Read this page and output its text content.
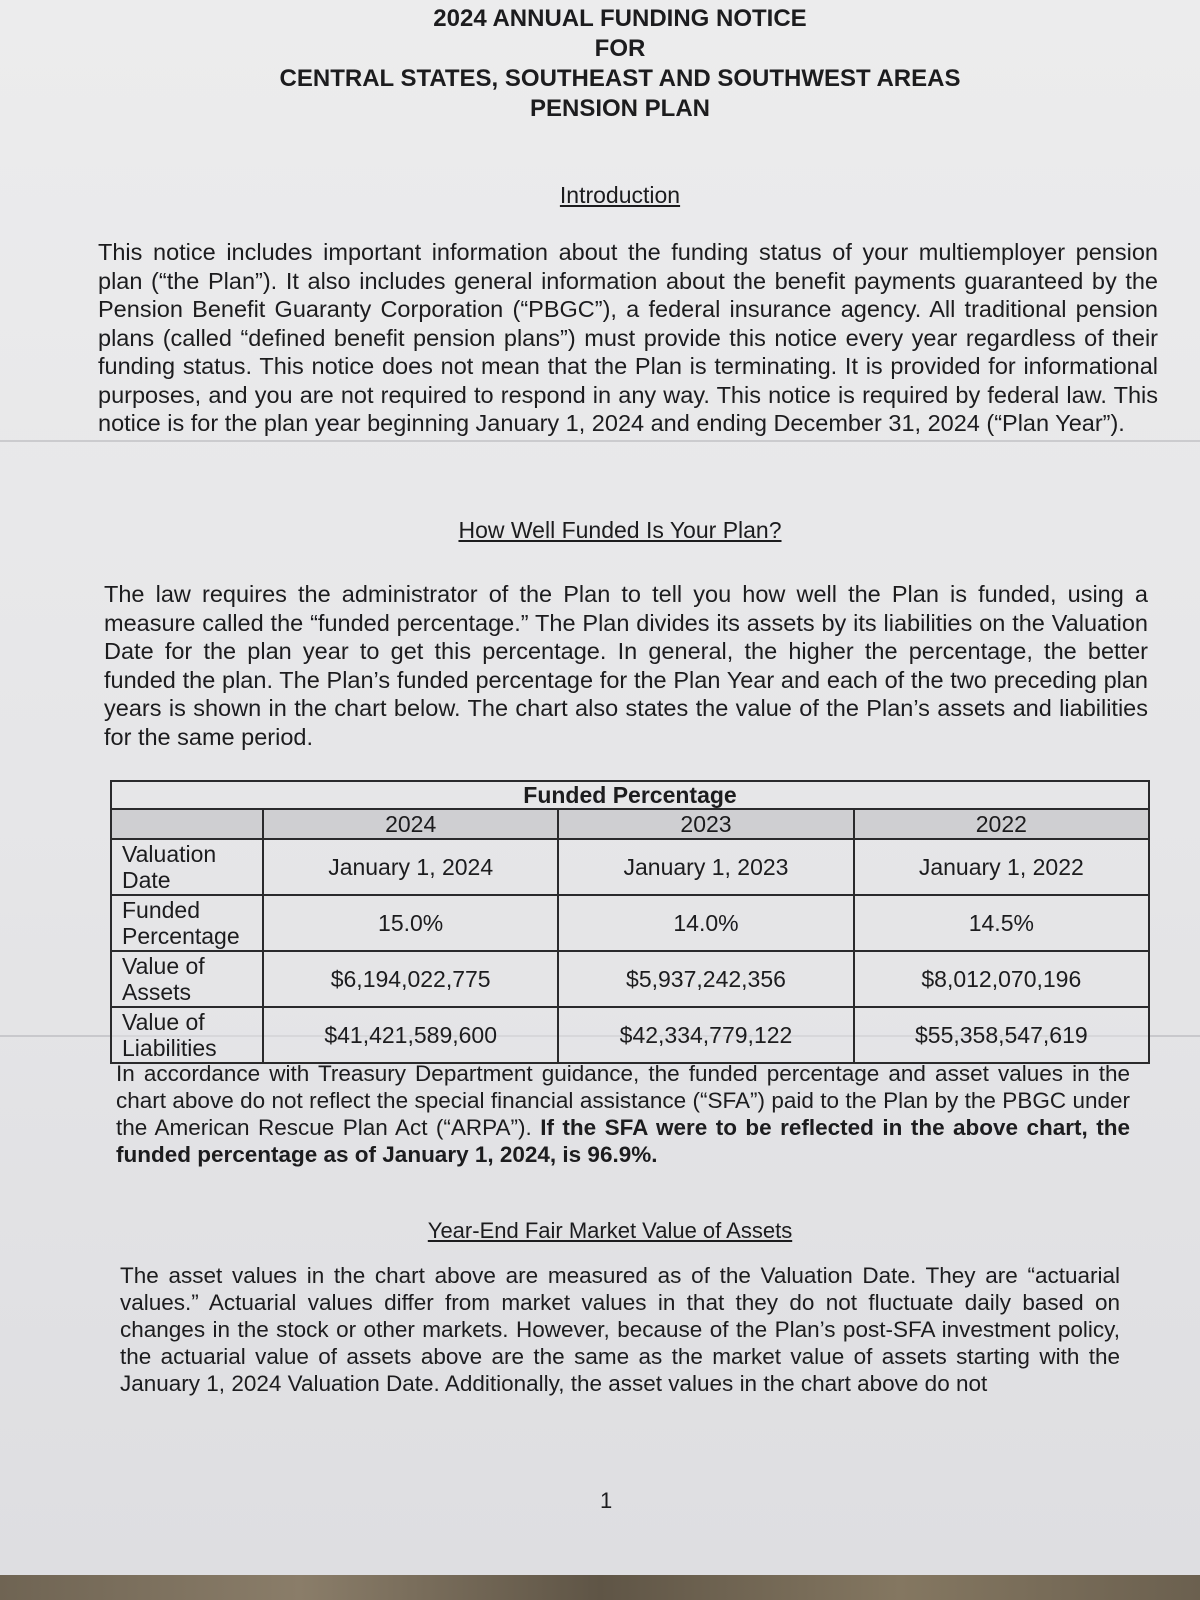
2024 ANNUAL FUNDING NOTICE
FOR
CENTRAL STATES, SOUTHEAST AND SOUTHWEST AREAS
PENSION PLAN
Introduction
This notice includes important information about the funding status of your multiemployer pension plan (“the Plan”). It also includes general information about the benefit payments guaranteed by the Pension Benefit Guaranty Corporation (“PBGC”), a federal insurance agency. All traditional pension plans (called “defined benefit pension plans”) must provide this notice every year regardless of their funding status. This notice does not mean that the Plan is terminating. It is provided for informational purposes, and you are not required to respond in any way. This notice is required by federal law. This notice is for the plan year beginning January 1, 2024 and ending December 31, 2024 (“Plan Year”).
How Well Funded Is Your Plan?
The law requires the administrator of the Plan to tell you how well the Plan is funded, using a measure called the “funded percentage.” The Plan divides its assets by its liabilities on the Valuation Date for the plan year to get this percentage. In general, the higher the percentage, the better funded the plan. The Plan’s funded percentage for the Plan Year and each of the two preceding plan years is shown in the chart below. The chart also states the value of the Plan’s assets and liabilities for the same period.
Funded Percentage			
	2024	2023	2022
Valuation Date	January 1, 2024	January 1, 2023	January 1, 2022
Funded Percentage	15.0%	14.0%	14.5%
Value of Assets	$6,194,022,775	$5,937,242,356	$8,012,070,196
Value of Liabilities	$41,421,589,600	$42,334,779,122	$55,358,547,619
In accordance with Treasury Department guidance, the funded percentage and asset values in the chart above do not reflect the special financial assistance (“SFA”) paid to the Plan by the PBGC under the American Rescue Plan Act (“ARPA”). If the SFA were to be reflected in the above chart, the funded percentage as of January 1, 2024, is 96.9%.
Year-End Fair Market Value of Assets
The asset values in the chart above are measured as of the Valuation Date. They are “actuarial values.” Actuarial values differ from market values in that they do not fluctuate daily based on changes in the stock or other markets. However, because of the Plan’s post-SFA investment policy, the actuarial value of assets above are the same as the market value of assets starting with the January 1, 2024 Valuation Date. Additionally, the asset values in the chart above do not
1
